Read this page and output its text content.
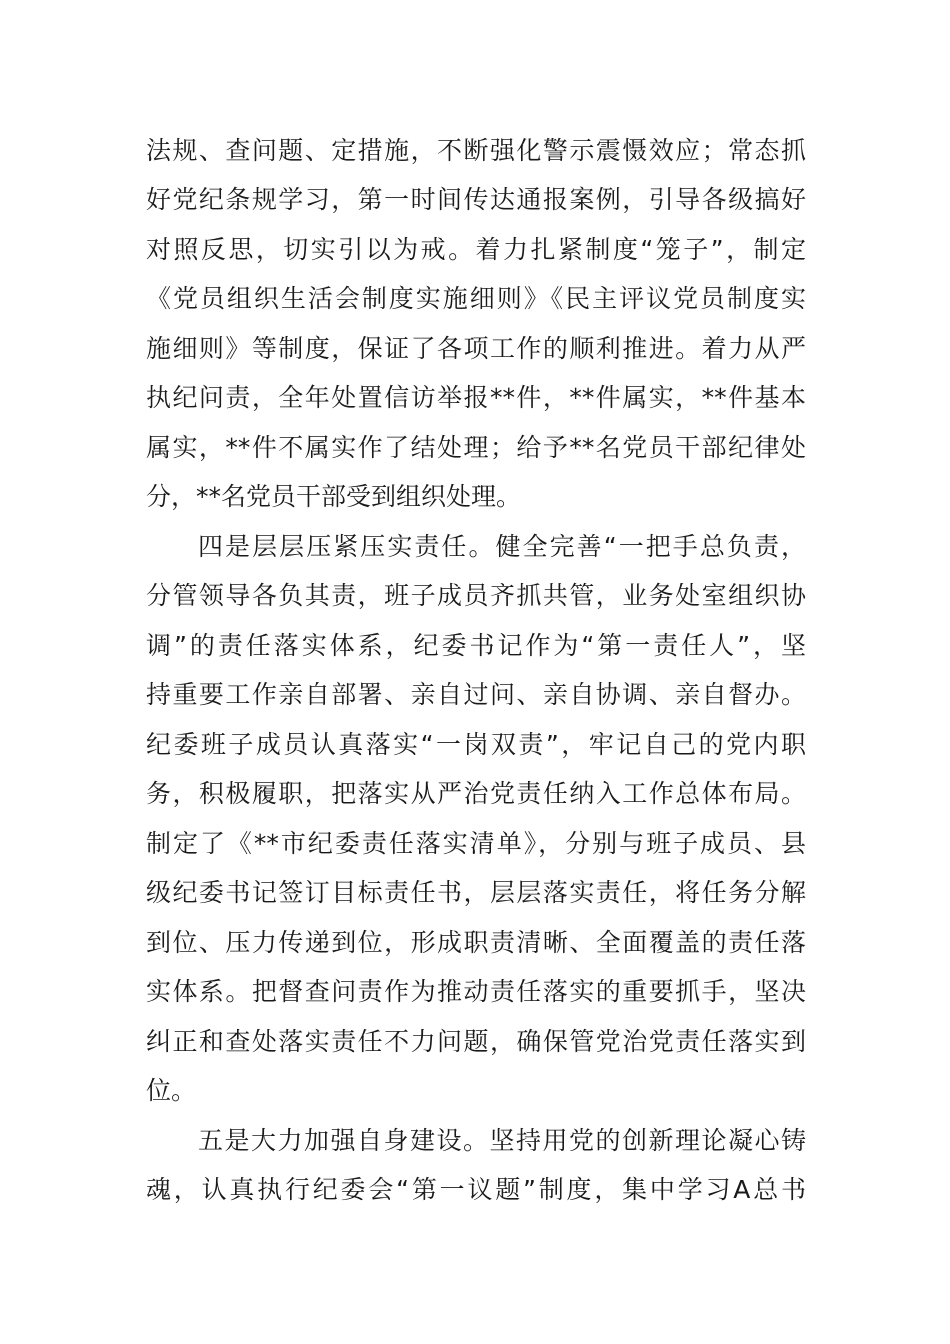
法规、查问题、定措施，不断强化警示震慑效应；常态抓
好党纪条规学习，第一时间传达通报案例，引导各级搞好
对照反思，切实引以为戒。着力扎紧制度“笼子”，制定
《党员组织生活会制度实施细则》《民主评议党员制度实
施细则》等制度，保证了各项工作的顺利推进。着力从严
执纪问责，全年处置信访举报**件，**件属实，**件基本
属实，**件不属实作了结处理；给予**名党员干部纪律处
分，**名党员干部受到组织处理。
四是层层压紧压实责任。健全完善“一把手总负责，
分管领导各负其责，班子成员齐抓共管，业务处室组织协
调”的责任落实体系，纪委书记作为“第一责任人”，坚
持重要工作亲自部署、亲自过问、亲自协调、亲自督办。
纪委班子成员认真落实“一岗双责”，牢记自己的党内职
务，积极履职，把落实从严治党责任纳入工作总体布局。
制定了《**市纪委责任落实清单》，分别与班子成员、县
级纪委书记签订目标责任书，层层落实责任，将任务分解
到位、压力传递到位，形成职责清晰、全面覆盖的责任落
实体系。把督查问责作为推动责任落实的重要抓手，坚决
纠正和查处落实责任不力问题，确保管党治党责任落实到
位。
五是大力加强自身建设。坚持用党的创新理论凝心铸
魂，认真执行纪委会“第一议题”制度，集中学习A总书
